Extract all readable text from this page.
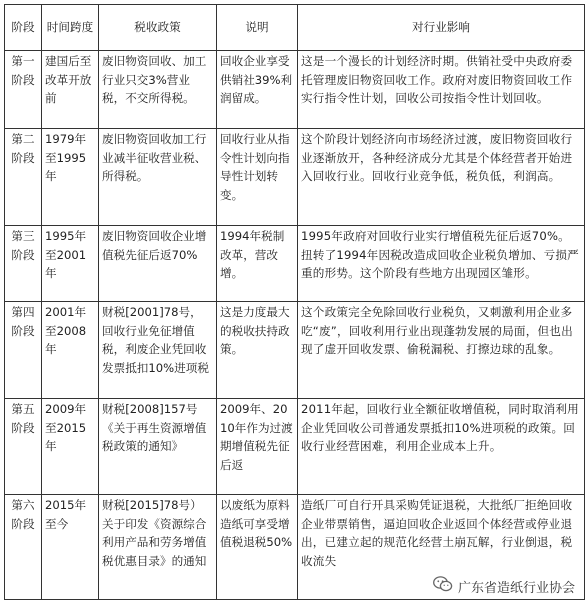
阶段	时间跨度	税收政策	说明	对行业影响
第一阶段	建国后至改革开放前	废旧物资回收、加工行业只交3%营业税，不交所得税。	回收企业享受供销社39%利润留成。	这是一个漫长的计划经济时期。供销社受中央政府委托管理废旧物资回收工作。政府对废旧物资回收工作实行指令性计划，回收公司按指令性计划回收。
第二阶段	1979年至1995年	废旧物资回收加工行业减半征收营业税、所得税。	回收行业从指令性计划向指导性计划转变。	这个阶段计划经济向市场经济过渡，废旧物资回收行业逐渐放开，各种经济成分尤其是个体经营者开始进入回收行业。回收行业竞争低，税负低，利润高。
第三阶段	1995年至2001年	废旧物资回收企业增值税先征后返70%	1994年税制改革，营改增。	1995年政府对回收行业实行增值税先征后返70%。扭转了1994年因税改造成回收企业税负增加、亏损严重的形势。这个阶段有些地方出现园区雏形。
第四阶段	2001年至2008年	财税[2001]78号，回收行业免征增值税，利废企业凭回收发票抵扣10%进项税	这是力度最大的税收扶持政策。	这个政策完全免除回收行业税负，又刺激利用企业多吃“废”，回收利用行业出现蓬勃发展的局面，但也出现了虚开回收发票、偷税漏税、打擦边球的乱象。
第五阶段	2009年至2015年	财税[2008]157号《关于再生资源增值税政策的通知》	2009年、2010年作为过渡期增值税先征后返	2011年起，回收行业全额征收增值税，同时取消利用企业凭回收公司普通发票抵扣10%进项税的政策。回收行业经营困难，利用企业成本上升。
第六阶段	2015年至今	财税[2015]78号）关于印发《资源综合利用产品和劳务增值税优惠目录》的通知	以废纸为原料造纸可享受增值税退税50%	造纸厂可自行开具采购凭证退税，大批纸厂拒绝回收企业带票销售，逼迫回收企业返回个体经营或停业退出，已建立起的规范化经营土崩瓦解，行业倒退，税收流失
广东省造纸行业协会
